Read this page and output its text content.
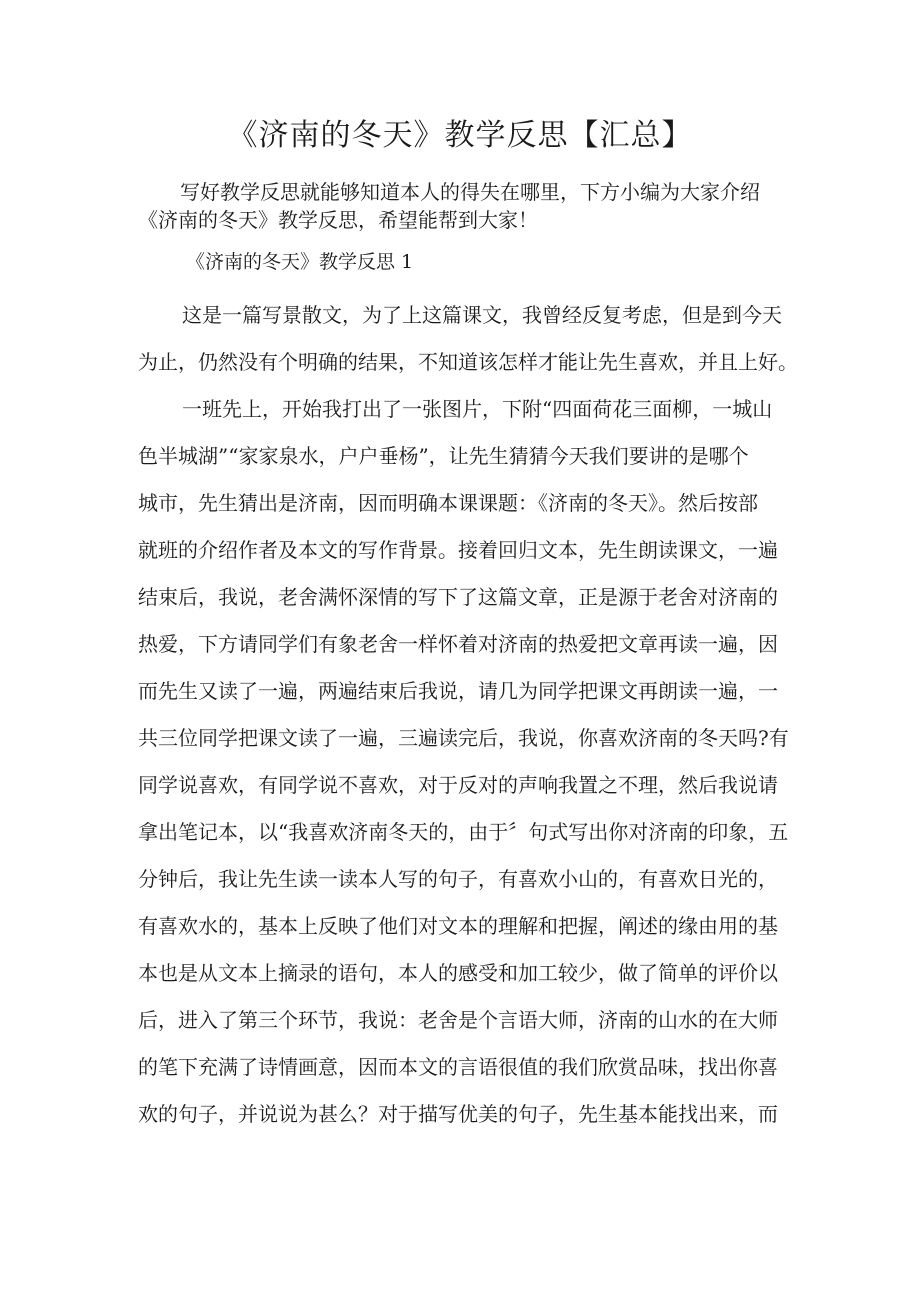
《济南的冬天》教学反思【汇总】
写好教学反思就能够知道本人的得失在哪里，下方小编为大家介绍
《济南的冬天》教学反思，希望能帮到大家！
《济南的冬天》教学反思 1
这是一篇写景散文，为了上这篇课文，我曾经反复考虑，但是到今天
为止，仍然没有个明确的结果，不知道该怎样才能让先生喜欢，并且上好。
一班先上，开始我打出了一张图片，下附“四面荷花三面柳，一城山
色半城湖”“家家泉水，户户垂杨”，让先生猜猜今天我们要讲的是哪个
城市，先生猜出是济南，因而明确本课课题：《济南的冬天》。然后按部
就班的介绍作者及本文的写作背景。接着回归文本，先生朗读课文，一遍
结束后，我说，老舍满怀深情的写下了这篇文章，正是源于老舍对济南的
热爱，下方请同学们有象老舍一样怀着对济南的热爱把文章再读一遍，因
而先生又读了一遍，两遍结束后我说，请几为同学把课文再朗读一遍，一
共三位同学把课文读了一遍，三遍读完后，我说，你喜欢济南的冬天吗?有
同学说喜欢，有同学说不喜欢，对于反对的声响我置之不理，然后我说请
拿出笔记本，以“我喜欢济南冬天的，由于〞句式写出你对济南的印象，五
分钟后，我让先生读一读本人写的句子，有喜欢小山的，有喜欢日光的，
有喜欢水的，基本上反映了他们对文本的理解和把握，阐述的缘由用的基
本也是从文本上摘录的语句，本人的感受和加工较少，做了简单的评价以
后，进入了第三个环节，我说：老舍是个言语大师，济南的山水的在大师
的笔下充满了诗情画意，因而本文的言语很值的我们欣赏品味，找出你喜
欢的句子，并说说为甚么？对于描写优美的句子，先生基本能找出来，而
